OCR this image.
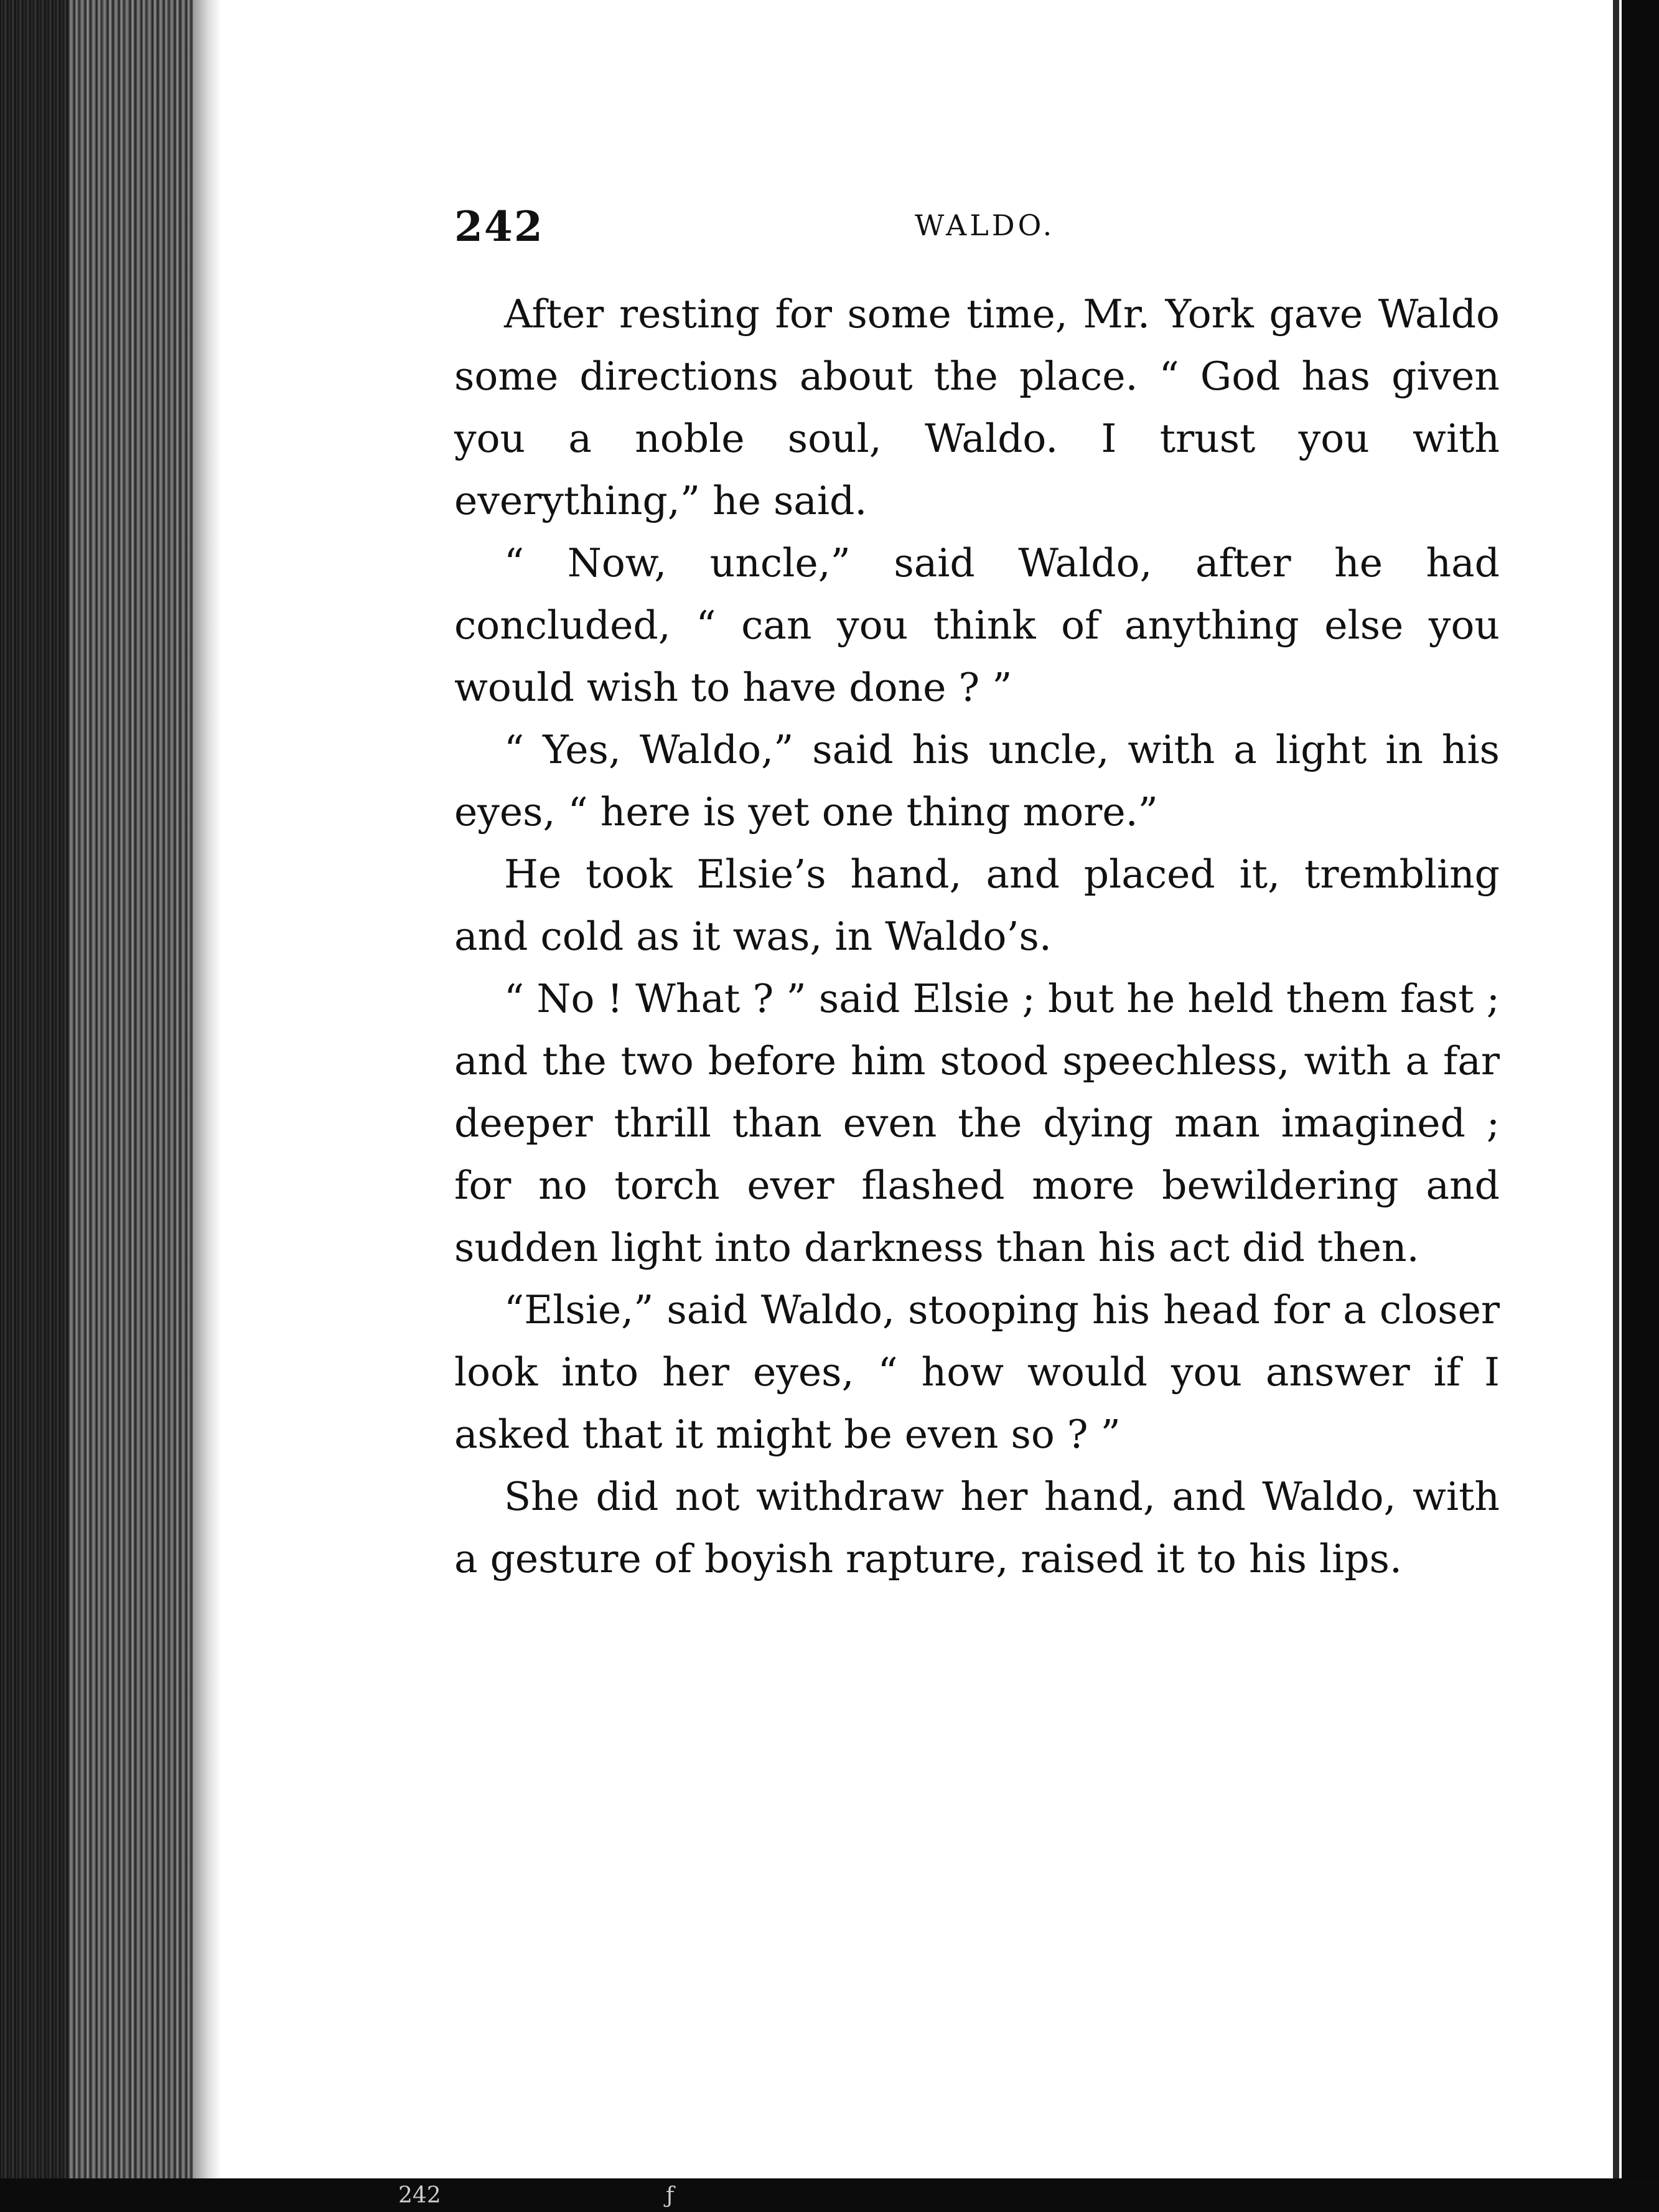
242	ƒ
242	WALDO.

After resting for some time, Mr. York gave Waldo some directions about the place. “ God has given you a noble soul, Waldo. I trust you with everything,” he said.

“ Now, uncle,” said Waldo, after he had concluded, “ can you think of anything else you would wish to have done ? ”

“ Yes, Waldo,” said his uncle, with a light in his eyes, “ here is yet one thing more.”

He took Elsie’s hand, and placed it, trembling and cold as it was, in Waldo’s.

“ No ! What ? ” said Elsie ; but he held them fast ; and the two before him stood speechless, with a far deeper thrill than even the dying man imagined ; for no torch ever flashed more bewildering and sudden light into darkness than his act did then.

“Elsie,” said Waldo, stooping his head for a closer look into her eyes, “ how would you answer if I asked that it might be even so ? ”

She did not withdraw her hand, and Waldo, with a gesture of boyish rapture, raised it to his lips.
